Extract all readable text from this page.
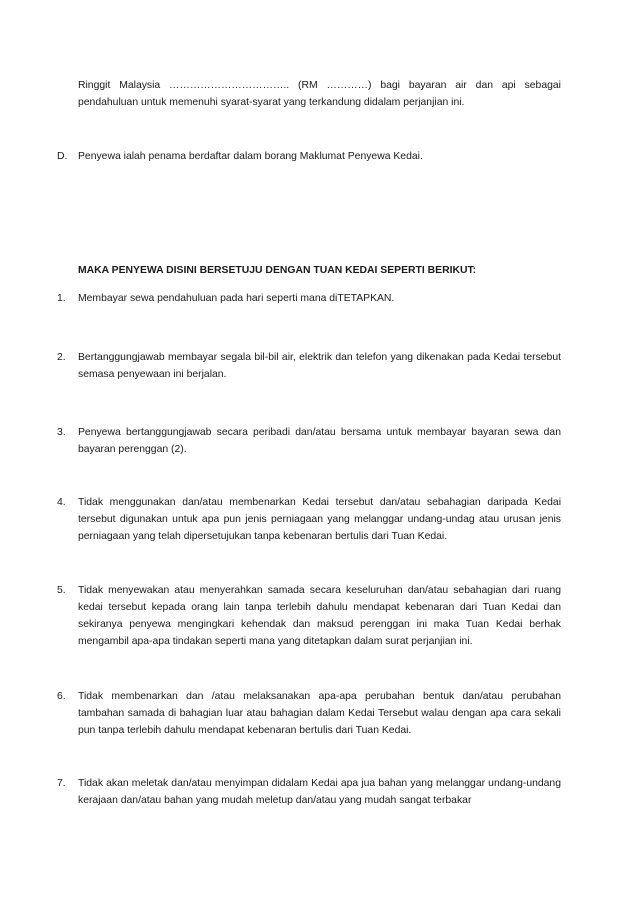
Ringgit Malaysia …………………………….. (RM …………) bagi bayaran air dan api sebagai pendahuluan untuk memenuhi syarat-syarat yang terkandung didalam perjanjian ini.

D. Penyewa ialah penama berdaftar dalam borang Maklumat Penyewa Kedai.

MAKA PENYEWA DISINI BERSETUJU DENGAN TUAN KEDAI SEPERTI BERIKUT:

1. Membayar sewa pendahuluan pada hari seperti mana diTETAPKAN.

2. Bertanggungjawab membayar segala bil-bil air, elektrik dan telefon yang dikenakan pada Kedai tersebut semasa penyewaan ini berjalan.

3. Penyewa bertanggungjawab secara peribadi dan/atau bersama untuk membayar bayaran sewa dan bayaran perenggan (2).

4. Tidak menggunakan dan/atau membenarkan Kedai tersebut dan/atau sebahagian daripada Kedai tersebut digunakan untuk apa pun jenis perniagaan yang melanggar undang-undag atau urusan jenis perniagaan yang telah dipersetujukan tanpa kebenaran bertulis dari Tuan Kedai.

5. Tidak menyewakan atau menyerahkan samada secara keseluruhan dan/atau sebahagian dari ruang kedai tersebut kepada orang lain tanpa terlebih dahulu mendapat kebenaran dari Tuan Kedai dan sekiranya penyewa mengingkari kehendak dan maksud perenggan ini maka Tuan Kedai berhak mengambil apa-apa tindakan seperti mana yang ditetapkan dalam surat perjanjian ini.

6. Tidak membenarkan dan /atau melaksanakan apa-apa perubahan bentuk dan/atau perubahan tambahan samada di bahagian luar atau bahagian dalam Kedai Tersebut walau dengan apa cara sekali pun tanpa terlebih dahulu mendapat kebenaran bertulis dari Tuan Kedai.

7. Tidak akan meletak dan/atau menyimpan didalam Kedai apa jua bahan yang melanggar undang-undang kerajaan dan/atau bahan yang mudah meletup dan/atau yang mudah sangat terbakar
